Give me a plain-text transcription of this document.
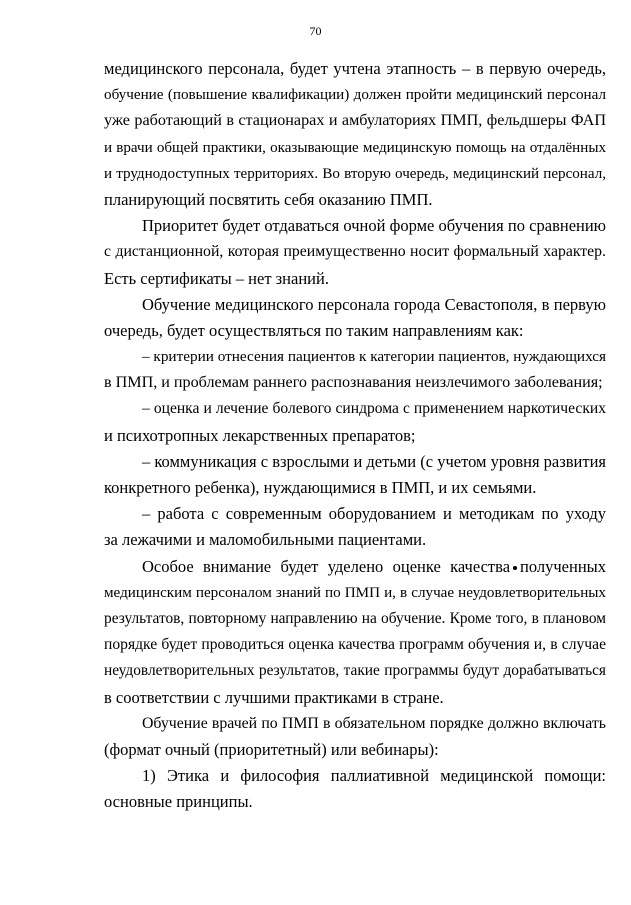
70

медицинского персонала, будет учтена этапность – в первую очередь,
обучение (повышение квалификации) должен пройти медицинский персонал
уже работающий в стационарах и амбулаториях ПМП, фельдшеры ФАП
и врачи общей практики, оказывающие медицинскую помощь на отдалённых
и труднодоступных территориях. Во вторую очередь, медицинский персонал,
планирующий посвятить себя оказанию ПМП.

Приоритет будет отдаваться очной форме обучения по сравнению
с дистанционной, которая преимущественно носит формальный характер.
Есть сертификаты – нет знаний.

Обучение медицинского персонала города Севастополя, в первую
очередь, будет осуществляться по таким направлениям как:

– критерии отнесения пациентов к категории пациентов, нуждающихся
в ПМП, и проблемам раннего распознавания неизлечимого заболевания;

– оценка и лечение болевого синдрома с применением наркотических
и психотропных лекарственных препаратов;

– коммуникация с взрослыми и детьми (с учетом уровня развития
конкретного ребенка), нуждающимися в ПМП, и их семьями.

– работа с современным оборудованием и методикам по уходу
за лежачими и маломобильными пациентами.

Особое внимание будет уделено оценке качества полученных
медицинским персоналом знаний по ПМП и, в случае неудовлетворительных
результатов, повторному направлению на обучение. Кроме того, в плановом
порядке будет проводиться оценка качества программ обучения и, в случае
неудовлетворительных результатов, такие программы будут дорабатываться
в соответствии с лучшими практиками в стране.

Обучение врачей по ПМП в обязательном порядке должно включать
(формат очный (приоритетный) или вебинары):

1) Этика и философия паллиативной медицинской помощи:
основные принципы.
